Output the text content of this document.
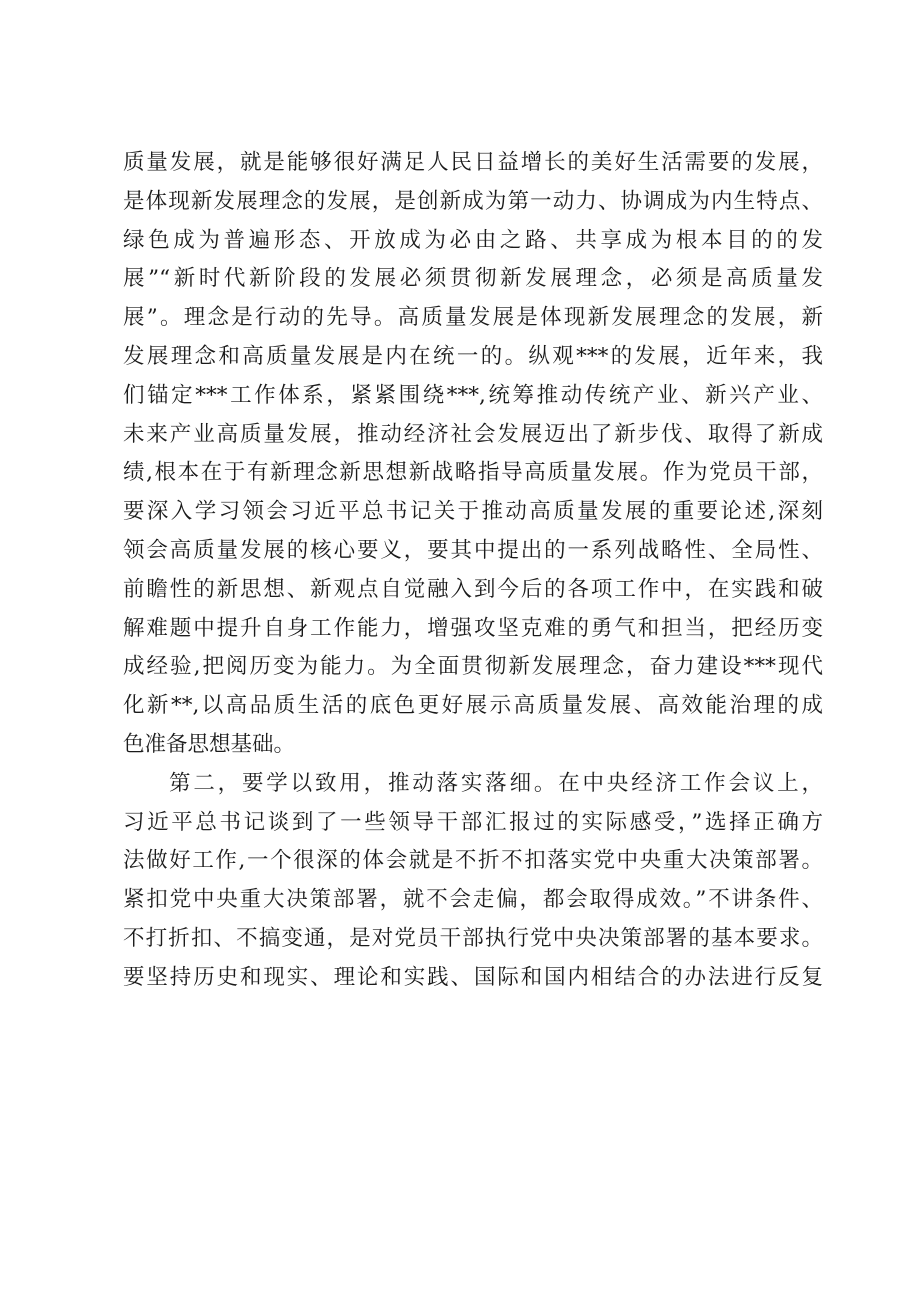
质量发展，就是能够很好满足人民日益增长的美好生活需要的发展，
是体现新发展理念的发展，是创新成为第一动力、协调成为内生特点、
绿色成为普遍形态、开放成为必由之路、共享成为根本目的的发
展”“新时代新阶段的发展必须贯彻新发展理念，必须是高质量发
展”。理念是行动的先导。高质量发展是体现新发展理念的发展，新
发展理念和高质量发展是内在统一的。纵观***的发展，近年来，我
们锚定***工作体系，紧紧围绕***,统筹推动传统产业、新兴产业、
未来产业高质量发展，推动经济社会发展迈出了新步伐、取得了新成
绩,根本在于有新理念新思想新战略指导高质量发展。作为党员干部，
要深入学习领会习近平总书记关于推动高质量发展的重要论述,深刻
领会高质量发展的核心要义，要其中提出的一系列战略性、全局性、
前瞻性的新思想、新观点自觉融入到今后的各项工作中，在实践和破
解难题中提升自身工作能力，增强攻坚克难的勇气和担当，把经历变
成经验,把阅历变为能力。为全面贯彻新发展理念，奋力建设***现代
化新**,以高品质生活的底色更好展示高质量发展、高效能治理的成
色准备思想基础。
第二，要学以致用，推动落实落细。在中央经济工作会议上，
习近平总书记谈到了一些领导干部汇报过的实际感受，”选择正确方
法做好工作,一个很深的体会就是不折不扣落实党中央重大决策部署。
紧扣党中央重大决策部署，就不会走偏，都会取得成效。”不讲条件、
不打折扣、不搞变通，是对党员干部执行党中央决策部署的基本要求。
要坚持历史和现实、理论和实践、国际和国内相结合的办法进行反复
